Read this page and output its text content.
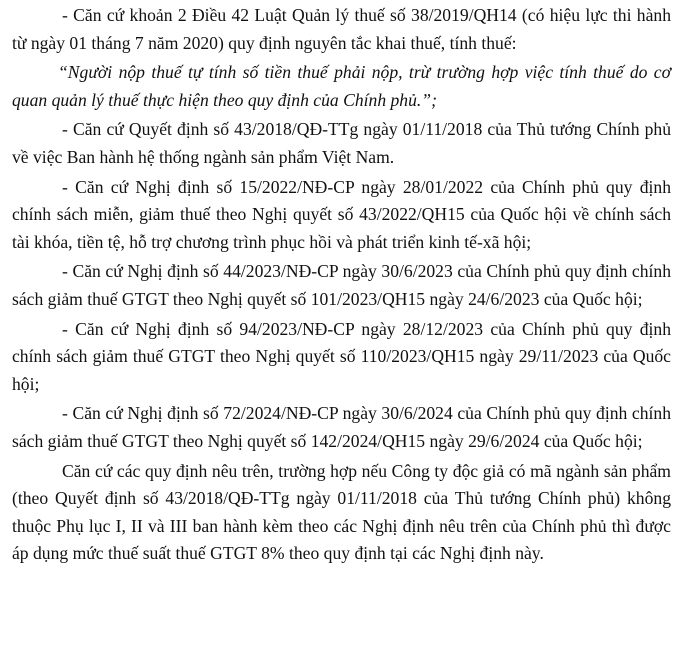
- Căn cứ khoản 2 Điều 42 Luật Quản lý thuế số 38/2019/QH14 (có hiệu lực thi hành từ ngày 01 tháng 7 năm 2020) quy định nguyên tắc khai thuế, tính thuế:

“Người nộp thuế tự tính số tiền thuế phải nộp, trừ trường hợp việc tính thuế do cơ quan quản lý thuế thực hiện theo quy định của Chính phủ.”;

- Căn cứ Quyết định số 43/2018/QĐ-TTg ngày 01/11/2018 của Thủ tướng Chính phủ về việc Ban hành hệ thống ngành sản phẩm Việt Nam.

- Căn cứ Nghị định số 15/2022/NĐ-CP ngày 28/01/2022 của Chính phủ quy định chính sách miễn, giảm thuế theo Nghị quyết số 43/2022/QH15 của Quốc hội về chính sách tài khóa, tiền tệ, hỗ trợ chương trình phục hồi và phát triển kinh tế-xã hội;

- Căn cứ Nghị định số 44/2023/NĐ-CP ngày 30/6/2023 của Chính phủ quy định chính sách giảm thuế GTGT theo Nghị quyết số 101/2023/QH15 ngày 24/6/2023 của Quốc hội;

- Căn cứ Nghị định số 94/2023/NĐ-CP ngày 28/12/2023 của Chính phủ quy định chính sách giảm thuế GTGT theo Nghị quyết số 110/2023/QH15 ngày 29/11/2023 của Quốc hội;

- Căn cứ Nghị định số 72/2024/NĐ-CP ngày 30/6/2024 của Chính phủ quy định chính sách giảm thuế GTGT theo Nghị quyết số 142/2024/QH15 ngày 29/6/2024 của Quốc hội;

Căn cứ các quy định nêu trên, trường hợp nếu Công ty độc giả có mã ngành sản phẩm (theo Quyết định số 43/2018/QĐ-TTg ngày 01/11/2018 của Thủ tướng Chính phủ) không thuộc Phụ lục I, II và III ban hành kèm theo các Nghị định nêu trên của Chính phủ thì được áp dụng mức thuế suất thuế GTGT 8% theo quy định tại các Nghị định này.
